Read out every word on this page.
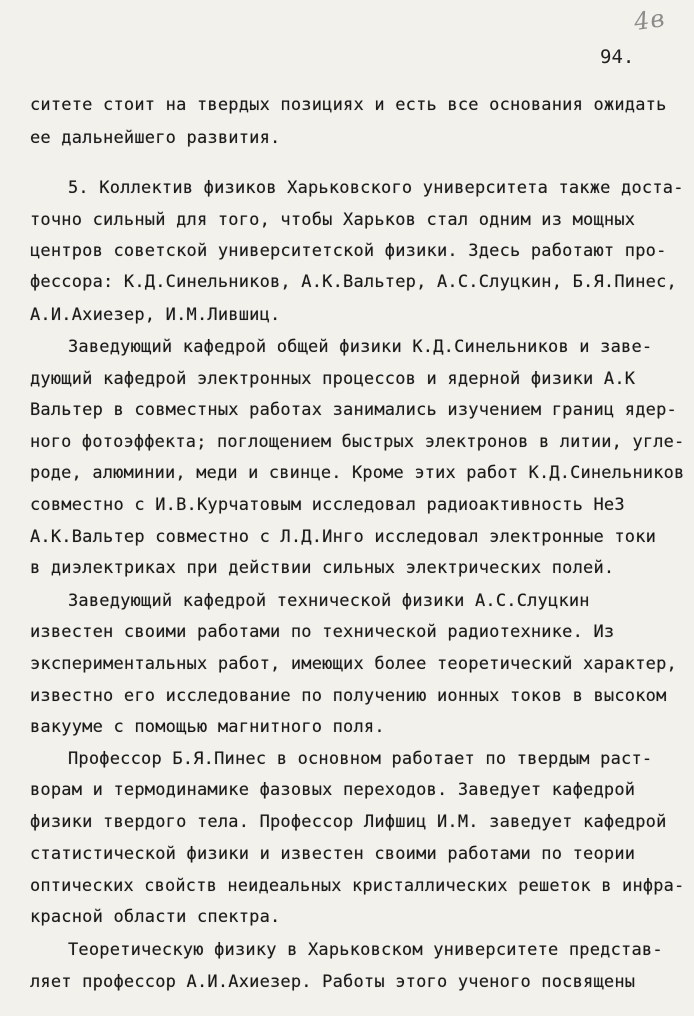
4в
94.
ситете стоит на твердых позициях и есть все основания ожидать
ее дальнейшего развития.
5. Коллектив физиков Харьковского университета также доста-
точно сильный для того, чтобы Харьков стал одним из мощных
центров советской университетской физики. Здесь работают про-
фессора: К.Д.Синельников, А.К.Вальтер, А.С.Слуцкин, Б.Я.Пинес,
А.И.Ахиезер, И.М.Лившиц.
Заведующий кафедрой общей физики К.Д.Синельников и заве-
дующий кафедрой электронных процессов и ядерной физики А.К
Вальтер в совместных работах занимались изучением границ ядер-
ного фотоэффекта; поглощением быстрых электронов в литии, угле-
роде, алюминии, меди и свинце. Кроме этих работ К.Д.Синельников
совместно с И.В.Курчатовым исследовал радиоактивность He3
А.К.Вальтер совместно с Л.Д.Инго исследовал электронные токи
в диэлектриках при действии сильных электрических полей.
Заведующий кафедрой технической физики А.С.Слуцкин
известен своими работами по технической радиотехнике. Из
экспериментальных работ, имеющих более теоретический характер,
известно его исследование по получению ионных токов в высоком
вакууме с помощью магнитного поля.
Профессор Б.Я.Пинес в основном работает по твердым раст-
ворам и термодинамике фазовых переходов. Заведует кафедрой
физики твердого тела. Профессор Лифшиц И.М. заведует кафедрой
статистической физики и известен своими работами по теории
оптических свойств неидеальных кристаллических решеток в инфра-
красной области спектра.
Теоретическую физику в Харьковском университете представ-
ляет профессор А.И.Ахиезер. Работы этого ученого посвящены
